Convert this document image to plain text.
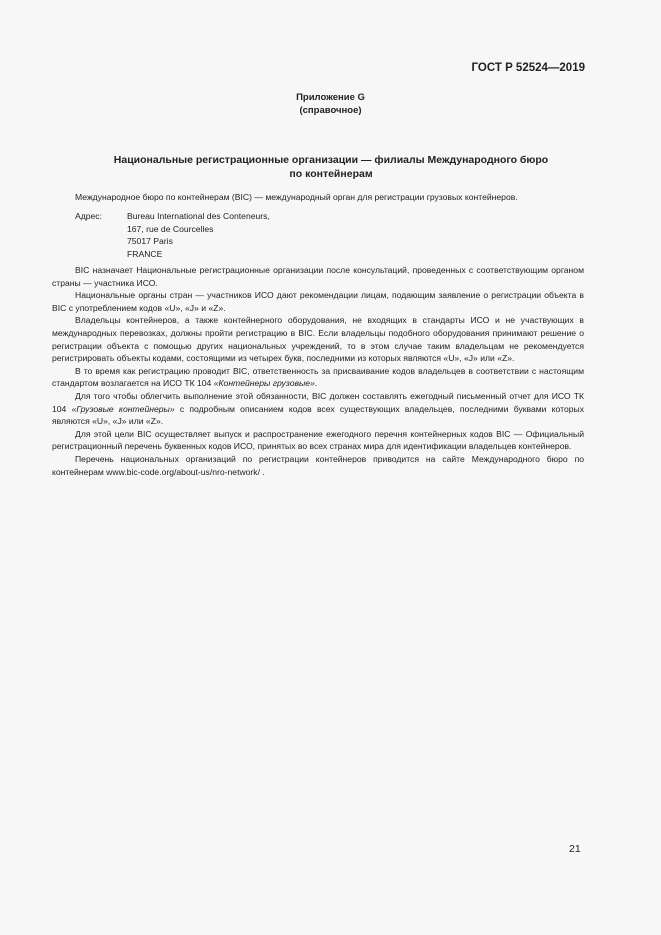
ГОСТ Р 52524—2019
Приложение G
(справочное)
Национальные регистрационные организации — филиалы Международного бюро
по контейнерам
Международное бюро по контейнерам (BIC) — международный орган для регистрации грузовых контейнеров.
Адрес:	Bureau International des Conteneurs,
167, rue de Courcelles
75017 Paris
FRANCE

BIC назначает Национальные регистрационные организации после консультаций, проведенных с соответствующим органом страны — участника ИСО.

Национальные органы стран — участников ИСО дают рекомендации лицам, подающим заявление о регистрации объекта в BIC с употреблением кодов «U», «J» и «Z».

Владельцы контейнеров, а также контейнерного оборудования, не входящих в стандарты ИСО и не участвующих в международных перевозках, должны пройти регистрацию в BIC. Если владельцы подобного оборудования принимают решение о регистрации объекта с помощью других национальных учреждений, то в этом случае таким владельцам не рекомендуется регистрировать объекты кодами, состоящими из четырех букв, последними из которых являются «U», «J» или «Z».

В то время как регистрацию проводит BIC, ответственность за присваивание кодов владельцев в соответствии с настоящим стандартом возлагается на ИСО ТК 104 «Контейнеры грузовые».

Для того чтобы облегчить выполнение этой обязанности, BIC должен составлять ежегодный письменный отчет для ИСО ТК 104 «Грузовые контейнеры» с подробным описанием кодов всех существующих владельцев, последними буквами которых являются «U», «J» или «Z».

Для этой цели BIC осуществляет выпуск и распространение ежегодного перечня контейнерных кодов BIC — Официальный регистрационный перечень буквенных кодов ИСО, принятых во всех странах мира для идентификации владельцев контейнеров.

Перечень национальных организаций по регистрации контейнеров приводится на сайте Международного бюро по контейнерам www.bic-code.org/about-us/nro-network/ .

21
